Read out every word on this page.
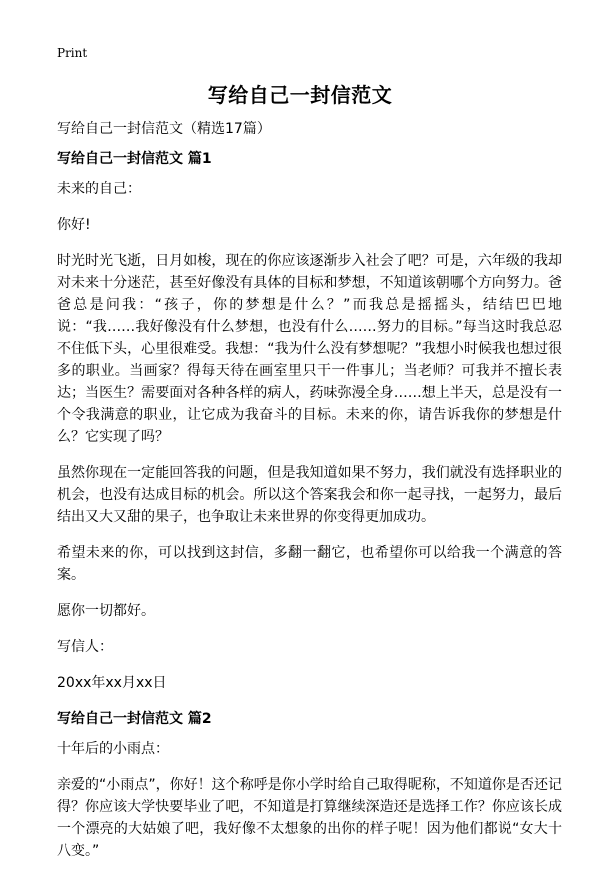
Print
写给自己一封信范文
写给自己一封信范文（精选17篇）
写给自己一封信范文 篇1

未来的自己：

你好!

时光时光飞逝，日月如梭，现在的你应该逐渐步入社会了吧？可是，六年级的我却对未来十分迷茫，甚至好像没有具体的目标和梦想，不知道该朝哪个方向努力。爸爸总是问我：“孩子，你的梦想是什么？”而我总是摇摇头，结结巴巴地说：“我……我好像没有什么梦想，也没有什么……努力的目标。”每当这时我总忍不住低下头，心里很难受。我想：“我为什么没有梦想呢？”我想小时候我也想过很多的职业。当画家？得每天待在画室里只干一件事儿；当老师？可我并不擅长表达；当医生？需要面对各种各样的病人，药味弥漫全身……想上半天，总是没有一个令我满意的职业，让它成为我奋斗的目标。未来的你，请告诉我你的梦想是什么？它实现了吗？

虽然你现在一定能回答我的问题，但是我知道如果不努力，我们就没有选择职业的机会，也没有达成目标的机会。所以这个答案我会和你一起寻找，一起努力，最后结出又大又甜的果子，也争取让未来世界的你变得更加成功。

希望未来的你，可以找到这封信，多翻一翻它，也希望你可以给我一个满意的答案。

愿你一切都好。

写信人：

20xx年xx月xx日

写给自己一封信范文 篇2

十年后的小雨点：

亲爱的“小雨点”，你好！这个称呼是你小学时给自己取得昵称，不知道你是否还记得？你应该大学快要毕业了吧，不知道是打算继续深造还是选择工作？你应该长成一个漂亮的大姑娘了吧，我好像不太想象的出你的样子呢！因为他们都说“女大十八变。”
